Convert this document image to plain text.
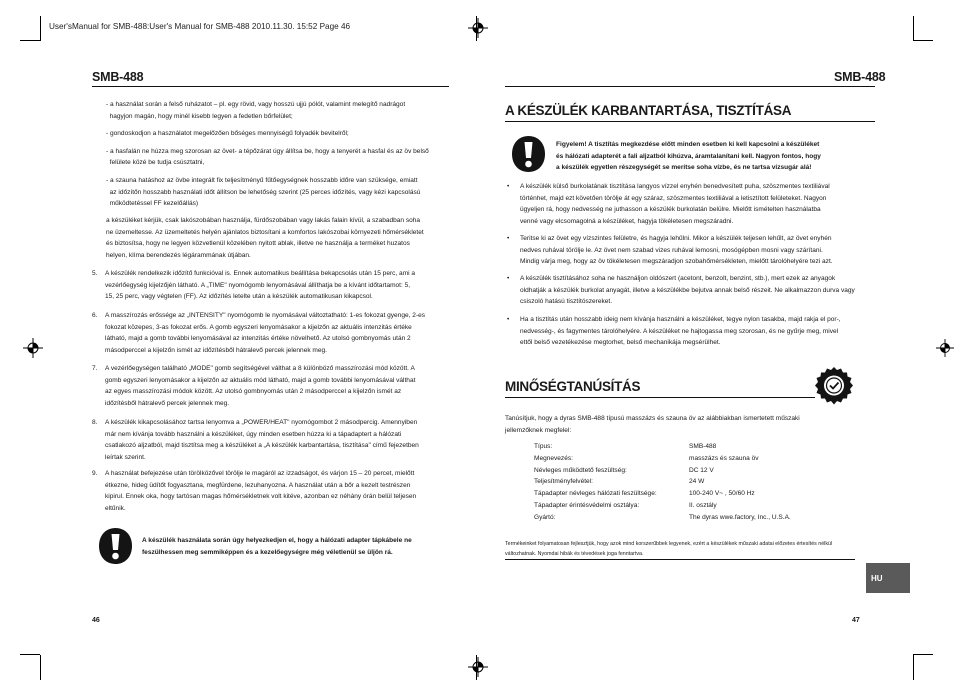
User'sManual for SMB-488:User's Manual for SMB-488 2010.11.30. 15:52 Page 46
SMB-488
- a használat során a felső ruházatot – pl. egy rövid, vagy hosszú ujjú pólót, valamint melegítő nadrágot
hagyjon magán, hogy minél kisebb legyen a fedetlen bőrfelület;
- gondoskodjon a használatot megelőzően bőséges mennyiségű folyadék bevitelről;
- a hasfalán ne húzza meg szorosan az övet- a tépőzárat úgy állítsa be, hogy a tenyerét a hasfal és az öv belső
felülete közé be tudja csúsztatni,
- a szauna hatáshoz az övbe integrált fix teljesítményű fűtőegységnek hosszabb időre van szüksége, emiatt
az időzítőn hosszabb használati időt állítson be lehetőség szerint (25 perces időzítés, vagy kézi kapcsolású
működtetéssel FF kezelőállás)
a készüléket kérjük, csak lakószobában használja, fürdőszobában vagy lakás falain kívül, a szabadban soha
ne üzemeltesse. Az üzemeltetés helyén ajánlatos biztosítani a komfortos lakószobai környezeti hőmérsékletet
és biztosítsa, hogy ne legyen közvetlenül közelében nyitott ablak, illetve ne használja a terméket huzatos
helyen, klíma berendezés légárammának útjában.
5. A készülék rendelkezik időzítő funkcióval is. Ennek automatikus beállítása bekapcsolás után 15 perc, ami a
vezérlőegység kijelzőjén látható. A „TIME" nyomógomb lenyomásával állíthatja be a kívánt időtartamot: 5,
15, 25 perc, vagy végtelen (FF). Az időzítés letelte után a készülék automatikusan kikapcsol.
6. A masszírozás erőssége az „INTENSITY" nyomógomb le nyomásával változtatható: 1-es fokozat gyenge, 2-es
fokozat közepes, 3-as fokozat erős. A gomb egyszeri lenyomásakor a kijelzőn az aktuális intenzitás értéke
látható, majd a gomb további lenyomásával az intenzitás értéke növelhető. Az utolsó gombnyomás után 2
másodperccel a kijelzőn ismét az időzítésből hátralevő percek jelennek meg.
7. A vezérlőegységen található „MODE" gomb segítségével válthat a 8 különböző masszírozási mód között. A
gomb egyszeri lenyomásakor a kijelzőn az aktuális mód látható, majd a gomb további lenyomásával válthat
az egyes masszírozási módok között. Az utolsó gombnyomás után 2 másodperccel a kijelzőn ismét az
időzítésből hátralevő percek jelennek meg.
8. A készülék kikapcsolásához tartsa lenyomva a „POWER/HEAT" nyomógombot 2 másodpercig. Amennyiben
már nem kívánja tovább használni a készüléket, úgy minden esetben húzza ki a tápadaptert a hálózati
csatlakozó aljzatból, majd tisztítsa meg a készüléket a „A készülék karbantartása, tisztítása" című fejezetben
leírtak szerint.
9. A használat befejezése után törölközővel törölje le magáról az izzadságot, és várjon 15 – 20 percet, mielőtt
étkezne, hideg üdítőt fogyasztana, megfürdene, lezuhanyozna. A használat után a bőr a kezelt testrészen
kipirul. Ennek oka, hogy tartósan magas hőmérsékletnek volt kitéve, azonban ez néhány órán belül teljesen
eltűnik.
A készülék használata során úgy helyezkedjen el, hogy a hálózati adapter tápkábele ne
feszülhessen meg semmiképpen és a kezelőegységre még véletlenül se üljön rá.
46
SMB-488
A KÉSZÜLÉK KARBANTARTÁSA, TISZTÍTÁSA
Figyelem! A tisztítás megkezdése előtt minden esetben ki kell kapcsolni a készüléket
és hálózati adapterét a fali aljzatból kihúzva, áramtalanítani kell. Nagyon fontos, hogy
a készülék egyetlen részegységét se merítse soha vízbe, és ne tartsa vízsugár alá!
• A készülék külső burkolatának tisztítása langyos vízzel enyhén benedvesített puha, szöszmentes textiliával
történhet, majd ezt követően törölje át egy száraz, szöszmentes textiliával a letisztított felületeket. Nagyon
ügyeljen rá, hogy nedvesség ne juthasson a készülék burkolatán belülre. Mielőtt ismételten használatba
venné vagy elcsomagolná a készüléket, hagyja tökéletesen megszáradni.
• Teritse ki az övet egy vízszintes felületre, és hagyja lehűlni. Mikor a készülék teljesen lehűlt, az övet enyhén
nedves ruhával törölje le. Az övet nem szabad vizes ruhával lemosni, mosógépben mosni vagy szárítani.
Mindig várja meg, hogy az öv tökéletesen megszáradjon szobahőmérsékleten, mielőtt tárolóhelyére tezi azt.
• A készülék tisztításához soha ne használjon oldószert (acetont, benzolt, benzint, stb.), mert ezek az anyagok
oldhatják a készülék burkolat anyagát, illetve a készülékbe bejutva annak belső részeit. Ne alkalmazzon durva vagy
csiszoló hatású tisztítószereket.
• Ha a tisztítás után hosszabb ideig nem kívánja használni a készüléket, tegye nylon tasakba, majd rakja el por-,
nedvesség-, és fagymentes tárolóhelyére. A készüléket ne hajtogassa meg szorosan, és ne gyűrje meg, mivel
ettől belső vezetékezése megtorhet, belső mechanikája megsérülhet.
MINŐSÉGTANÚSÍTÁS
Tanúsítjuk, hogy a dyras SMB-488 típusú masszázs és szauna öv az alábbiakban ismertetett műszaki
jellemzőknek megfelel:
Típus:	SMB-488
Megnevezés:	masszázs és szauna öv
Névleges működtető feszültség:	DC 12 V
Teljesítményfelvétel:	24 W
Tápadapter névleges hálózati feszültsége:	100-240 V~ , 50/60 Hz
Tápadapter érintésvédelmi osztálya:	II. osztály
Gyártó:	The dyras wwe.factory, Inc., U.S.A.
Termékeinket folyamatosan fejlesztjük, hogy azok mind korszerűbbek legyenek, ezért a készülékek műszaki adatai előzetes értesítés nélkül
változhatnak. Nyomdai hibák és tévedések joga fenntartva.
HU
47
